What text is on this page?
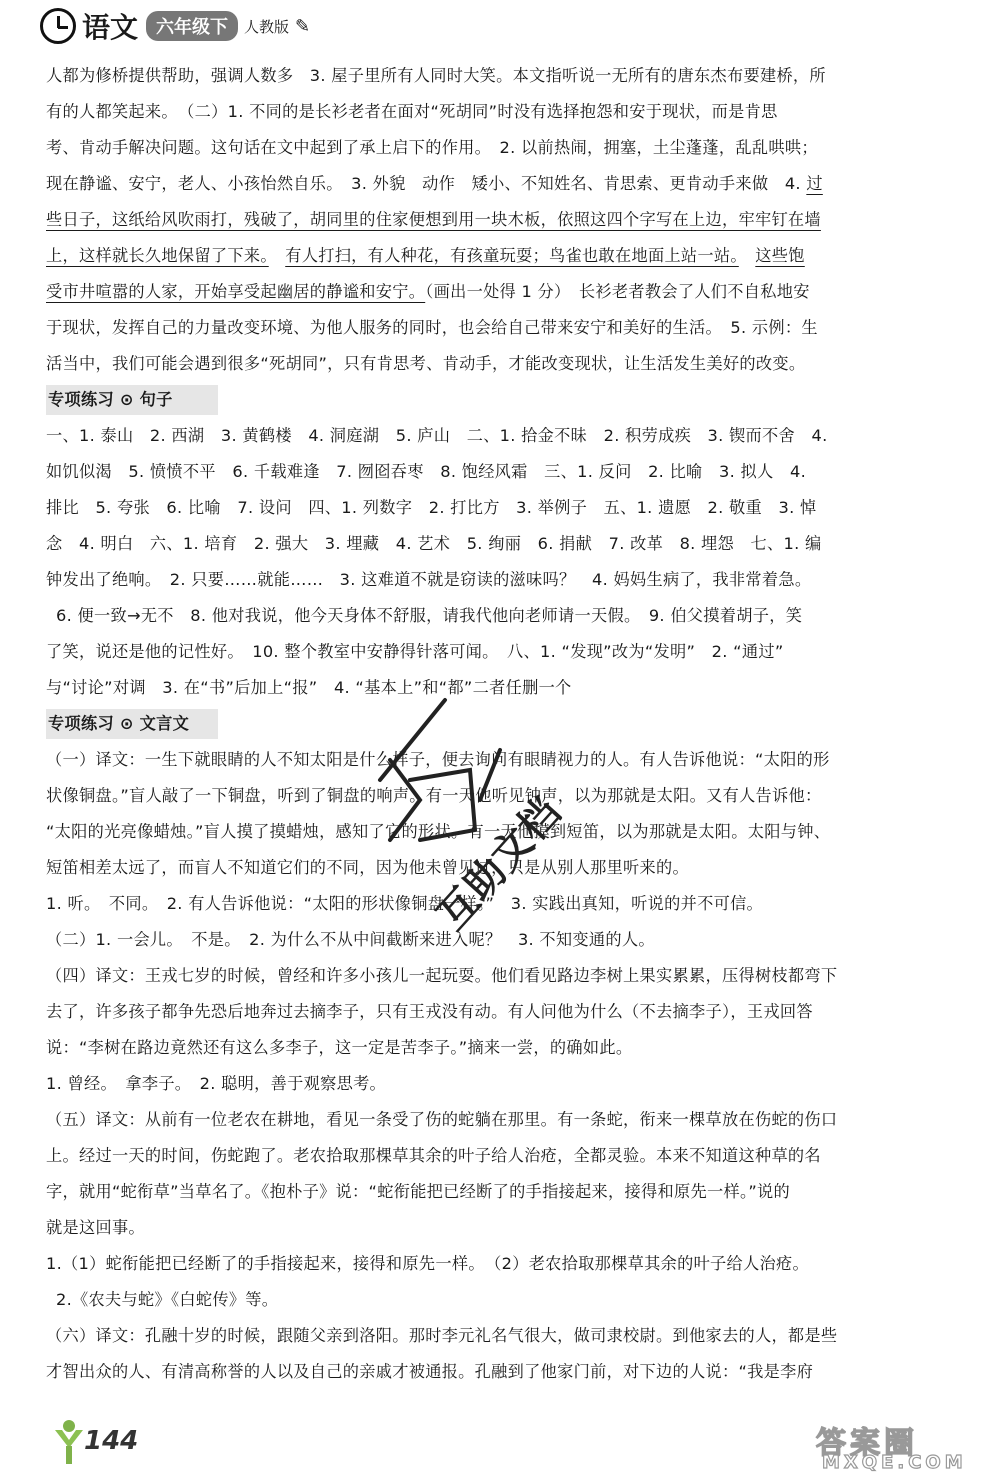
语文	六年级下	人教版 ✎

人都为修桥提供帮助，强调人数多　3. 屋子里所有人同时大笑。本文指听说一无所有的唐东杰布要建桥，所

有的人都笑起来。　（二）1. 不同的是长衫老者在面对“死胡同”时没有选择抱怨和安于现状，而是肯思

考、肯动手解决问题。这句话在文中起到了承上启下的作用。　2. 以前热闹，拥塞，土尘蓬蓬，乱乱哄哄；

现在静谧、安宁，老人、小孩怡然自乐。　3. 外貌　动作　矮小、不知姓名、肯思索、更肯动手来做　4. 过

些日子，这纸给风吹雨打，残破了，胡同里的住家便想到用一块木板，依照这四个字写在上边，牢牢钉在墙

上，这样就长久地保留了下来。　 有人打扫，有人种花，有孩童玩耍；鸟雀也敢在地面上站一站。　 这些饱

受市井喧嚣的人家，开始享受起幽居的静谧和安宁。（画出一处得 1 分）　长衫老者教会了人们不自私地安

于现状，发挥自己的力量改变环境、为他人服务的同时，也会给自己带来安宁和美好的生活。　5. 示例：生

活当中，我们可能会遇到很多“死胡同”，只有肯思考、肯动手，才能改变现状，让生活发生美好的改变。

专项练习 ⊙ 句子

一、1. 泰山　2. 西湖　3. 黄鹤楼　4. 洞庭湖　5. 庐山　二、1. 拾金不昧　2. 积劳成疾　3. 锲而不舍　4.

如饥似渴　5. 愤愤不平　6. 千载难逢　7. 囫囵吞枣　8. 饱经风霜　三、1. 反问　2. 比喻　3. 拟人　4.

排比　5. 夸张　6. 比喻　7. 设问　四、1. 列数字　2. 打比方　3. 举例子　五、1. 遗愿　2. 敬重　3. 悼

念　4. 明白　六、1. 培育　2. 强大　3. 埋藏　4. 艺术　5. 绚丽　6. 捐献　7. 改革　8. 埋怨　七、1. 编

钟发出了绝响。　2. 只要……就能……　3. 这难道不就是窃读的滋味吗？　4. 妈妈生病了，我非常着急。

6. 便一致→无不　8. 他对我说，他今天身体不舒服，请我代他向老师请一天假。　9. 伯父摸着胡子，笑

了笑，说还是他的记性好。　10. 整个教室中安静得针落可闻。　八、1. “发现”改为“发明”　2. “通过”

与“讨论”对调　3. 在“书”后加上“报”　4. “基本上”和“都”二者任删一个

专项练习 ⊙ 文言文

（一）译文：一生下就眼睛的人不知太阳是什么样子，便去询问有眼睛视力的人。有人告诉他说：“太阳的形

状像铜盘。”盲人敲了一下铜盘，听到了铜盘的响声。有一天他听见钟声，以为那就是太阳。又有人告诉他：

“太阳的光亮像蜡烛。”盲人摸了摸蜡烛，感知了它的形状。有一天他摸到短笛，以为那就是太阳。太阳与钟、

短笛相差太远了，而盲人不知道它们的不同，因为他未曾见过，只是从别人那里听来的。

1. 听。　不同。　2. 有人告诉他说：“太阳的形状像铜盘一样。”　3. 实践出真知，听说的并不可信。

（二）1. 一会儿。　不是。　2. 为什么不从中间截断来进入呢？　3. 不知变通的人。

（四）译文：王戎七岁的时候，曾经和许多小孩儿一起玩耍。他们看见路边李树上果实累累，压得树枝都弯下

去了，许多孩子都争先恐后地奔过去摘李子，只有王戎没有动。有人问他为什么（不去摘李子），王戎回答

说：“李树在路边竟然还有这么多李子，这一定是苦李子。”摘来一尝，的确如此。

1. 曾经。　拿李子。　2. 聪明，善于观察思考。

（五）译文：从前有一位老农在耕地，看见一条受了伤的蛇躺在那里。有一条蛇，衔来一棵草放在伤蛇的伤口

上。经过一天的时间，伤蛇跑了。老农拾取那棵草其余的叶子给人治疮，全都灵验。本来不知道这种草的名

字，就用“蛇衔草”当草名了。《抱朴子》说：“蛇衔能把已经断了的手指接起来，接得和原先一样。”说的

就是这回事。

1.（1）蛇衔能把已经断了的手指接起来，接得和原先一样。　（2）老农拾取那棵草其余的叶子给人治疮。

2.《农夫与蛇》《白蛇传》等。

（六）译文：孔融十岁的时候，跟随父亲到洛阳。那时李元礼名气很大，做司隶校尉。到他家去的人，都是些

才智出众的人、有清高称誉的人以及自己的亲戚才被通报。孔融到了他家门前，对下边的人说：“我是李府

互助文档
144	答案圈
MXQE.COM
